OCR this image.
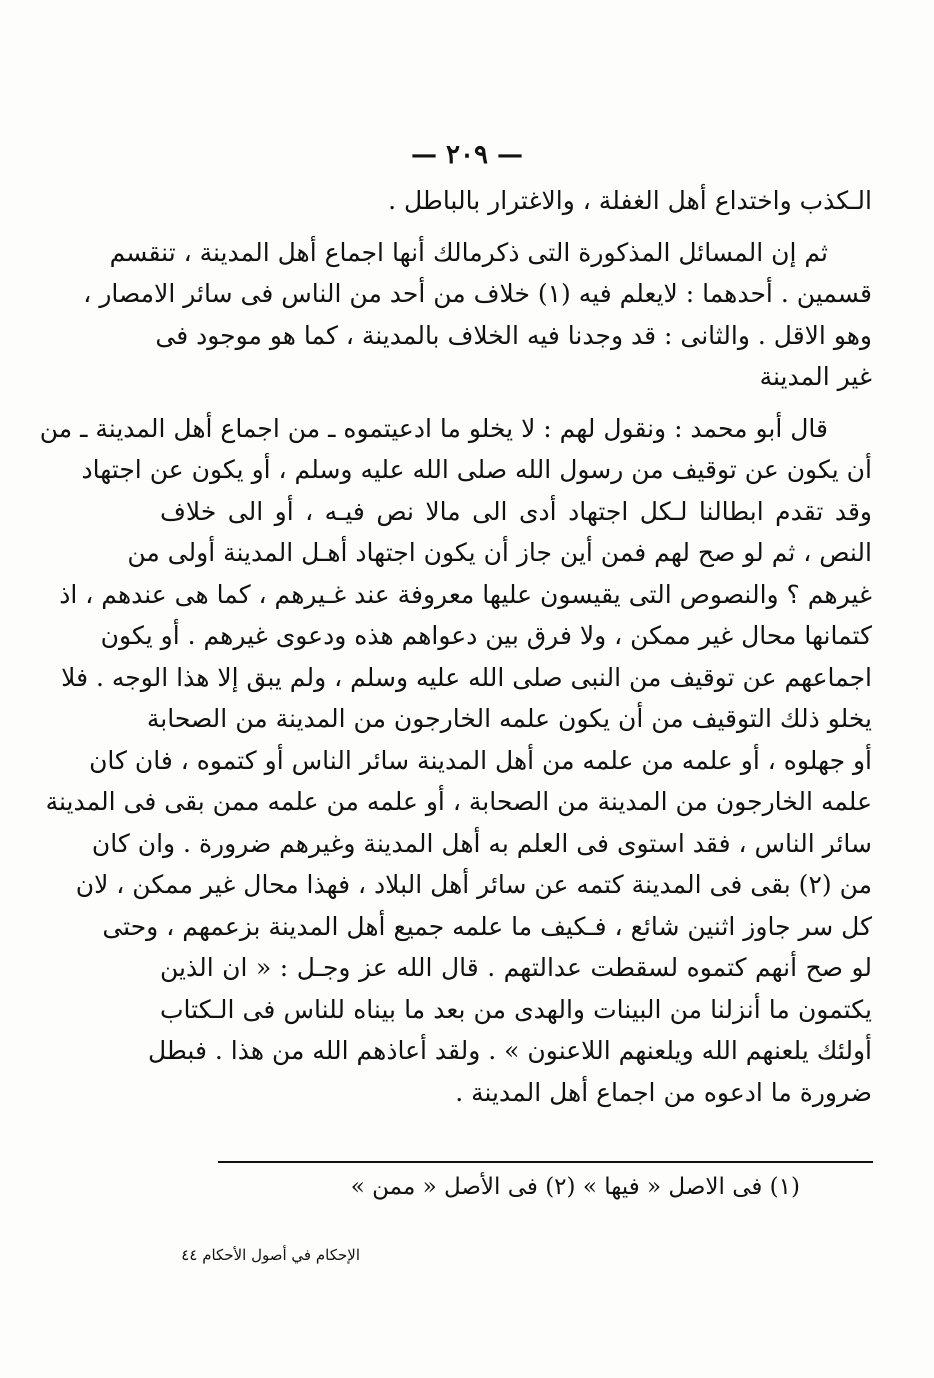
— ٢٠٩ —
الـكذب واختداع أهل الغفلة ، والاغترار بالباطل .
ثم إن المسائل المذكورة التى ذكرمالك أنها اجماع أهل المدينة ، تنقسم
قسمين . أحدهما : لايعلم فيه (١) خلاف من أحد من الناس فى سائر الامصار ،
وهو الاقل . والثانى : قد وجدنا فيه الخلاف بالمدينة ، كما هو موجود فى
غير المدينة
قال أبو محمد : ونقول لهم : لا يخلو ما ادعيتموه ـ من اجماع أهل المدينة ـ من
أن يكون عن توقيف من رسول الله صلى الله عليه وسلم ، أو يكون عن اجتهاد
وقد تقدم ابطالنا لـكل اجتهاد أدى الى مالا نص فيـه ، أو الى خلاف
النص ، ثم لو صح لهم فمن أين جاز أن يكون اجتهاد أهـل المدينة أولى من
غيرهم ؟ والنصوص التى يقيسون عليها معروفة عند غـيرهم ، كما هى عندهم ، اذ
كتمانها محال غير ممكن ، ولا فرق بين دعواهم هذه ودعوى غيرهم . أو يكون
اجماعهم عن توقيف من النبى صلى الله عليه وسلم ، ولم يبق إلا هذا الوجه . فلا
يخلو ذلك التوقيف من أن يكون علمه الخارجون من المدينة من الصحابة
أو جهلوه ، أو علمه من علمه من أهل المدينة سائر الناس أو كتموه ، فان كان
علمه الخارجون من المدينة من الصحابة ، أو علمه من علمه ممن بقى فى المدينة
سائر الناس ، فقد استوى فى العلم به أهل المدينة وغيرهم ضرورة . وان كان
من (٢) بقى فى المدينة كتمه عن سائر أهل البلاد ، فهذا محال غير ممكن ، لان
كل سر جاوز اثنين شائع ، فـكيف ما علمه جميع أهل المدينة بزعمهم ، وحتى
لو صح أنهم كتموه لسقطت عدالتهم . قال الله عز وجـل : « ان الذين
يكتمون ما أنزلنا من البينات والهدى من بعد ما بيناه للناس فى الـكتاب
أولئك يلعنهم الله ويلعنهم اللاعنون » . ولقد أعاذهم الله من هذا . فبطل
ضرورة ما ادعوه من اجماع أهل المدينة .
(١) فى الاصل « فيها » (٢) فى الأصل « ممن »
الإحكام في أصول الأحكام ٤٤
